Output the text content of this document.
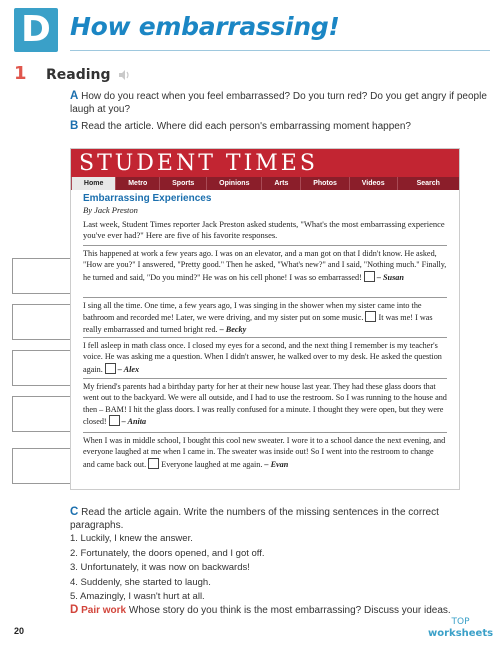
D How embarrassing!
1 Reading
A How do you react when you feel embarrassed? Do you turn red? Do you get angry if people laugh at you?
B Read the article. Where did each person's embarrassing moment happen?
STUDENT TIMES
Home	Metro	Sports	Opinions	Arts	Photos	Videos	Search
Embarrassing Experiences
By Jack Preston
Last week, Student Times reporter Jack Preston asked students, "What's the most embarrassing experience you've ever had?" Here are five of his favorite responses.
This happened at work a few years ago. I was on an elevator, and a man got on that I didn't know. He asked, "How are you?" I answered, "Pretty good." Then he asked, "What's new?" and I said, "Nothing much." Finally, he turned and said, "Do you mind?" He was on his cell phone! I was so embarrassed! – Susan
I sing all the time. One time, a few years ago, I was singing in the shower when my sister came into the bathroom and recorded me! Later, we were driving, and my sister put on some music. It was me! I was really embarrassed and turned bright red. – Becky
I fell asleep in math class once. I closed my eyes for a second, and the next thing I remember is my teacher's voice. He was asking me a question. When I didn't answer, he walked over to my desk. He asked the question again. – Alex
My friend's parents had a birthday party for her at their new house last year. They had these glass doors that went out to the backyard. We were all outside, and I had to use the restroom. So I was running to the house and then – BAM! I hit the glass doors. I was really confused for a minute. I thought they were open, but they were closed! – Anita
When I was in middle school, I bought this cool new sweater. I wore it to a school dance the next evening, and everyone laughed at me when I came in. The sweater was inside out! So I went into the restroom to change and came back out. Everyone laughed at me again. – Evan
C Read the article again. Write the numbers of the missing sentences in the correct paragraphs.
1. Luckily, I knew the answer.
2. Fortunately, the doors opened, and I got off.
3. Unfortunately, it was now on backwards!
4. Suddenly, she started to laugh.
5. Amazingly, I wasn't hurt at all.
D Pair work Whose story do you think is the most embarrassing? Discuss your ideas.
20
TOP
worksheets
